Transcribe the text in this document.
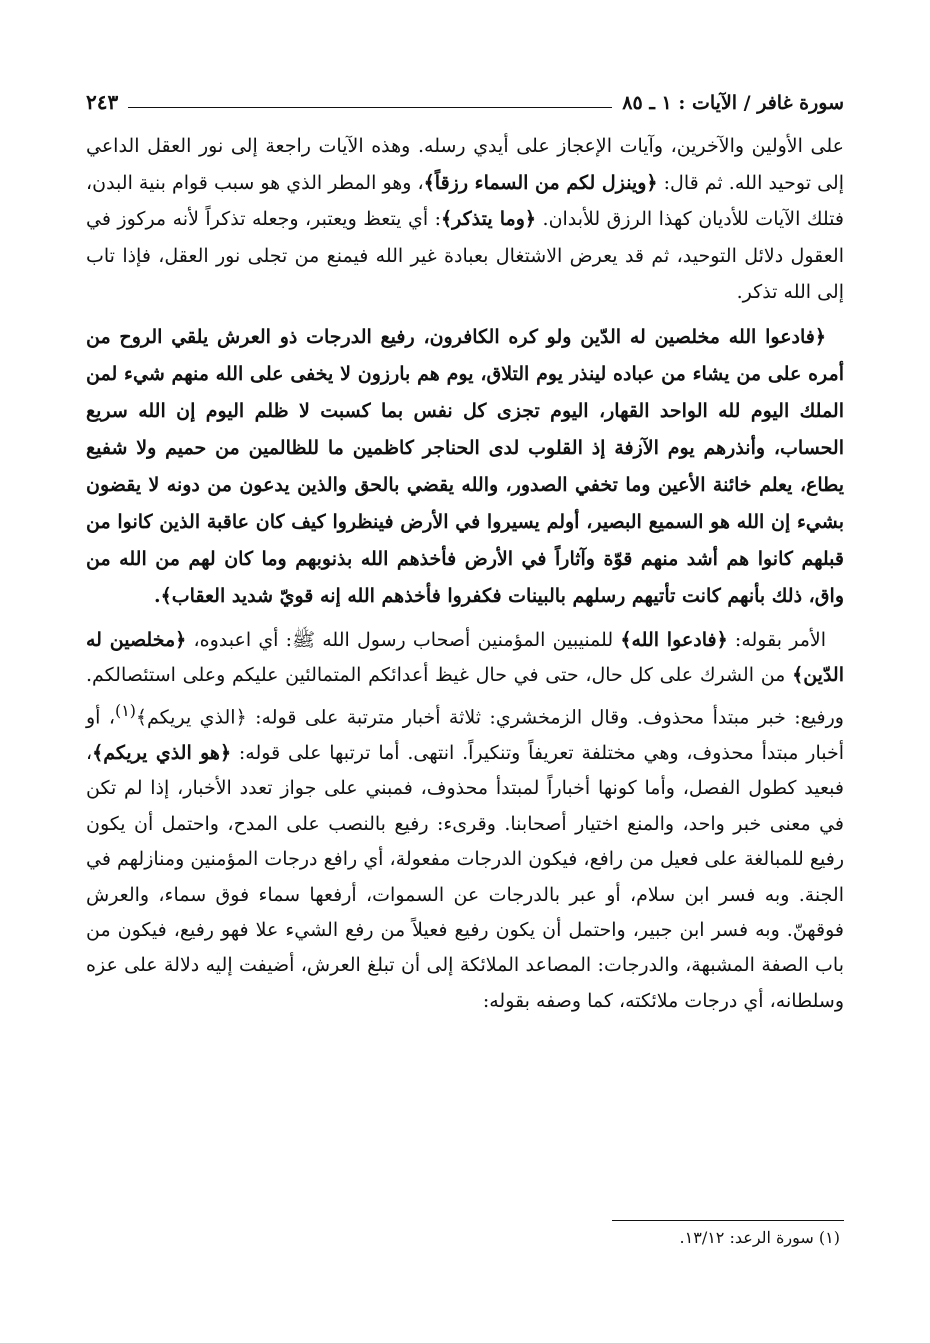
سورة غافر / الآيات : ١ ـ ٨٥
٢٤٣

على الأولين والآخرين، وآيات الإعجاز على أيدي رسله. وهذه الآيات راجعة إلى نور العقل الداعي إلى توحيد الله. ثم قال: ﴿وينزل لكم من السماء رزقاً﴾، وهو المطر الذي هو سبب قوام بنية البدن، فتلك الآيات للأديان كهذا الرزق للأبدان. ﴿وما يتذكر﴾: أي يتعظ ويعتبر، وجعله تذكراً لأنه مركوز في العقول دلائل التوحيد، ثم قد يعرض الاشتغال بعبادة غير الله فيمنع من تجلى نور العقل، فإذا تاب إلى الله تذكر.

﴿فادعوا الله مخلصين له الدّين ولو كره الكافرون، رفيع الدرجات ذو العرش يلقي الروح من أمره على من يشاء من عباده لينذر يوم التلاق، يوم هم بارزون لا يخفى على الله منهم شيء لمن الملك اليوم لله الواحد القهار، اليوم تجزى كل نفس بما كسبت لا ظلم اليوم إن الله سريع الحساب، وأنذرهم يوم الآزفة إذ القلوب لدى الحناجر كاظمين ما للظالمين من حميم ولا شفيع يطاع، يعلم خائنة الأعين وما تخفي الصدور، والله يقضي بالحق والذين يدعون من دونه لا يقضون بشيء إن الله هو السميع البصير، أولم يسيروا في الأرض فينظروا كيف كان عاقبة الذين كانوا من قبلهم كانوا هم أشد منهم قوّة وآثاراً في الأرض فأخذهم الله بذنوبهم وما كان لهم من الله من واق، ذلك بأنهم كانت تأتيهم رسلهم بالبينات فكفروا فأخذهم الله إنه قويّ شديد العقاب﴾.

الأمر بقوله: ﴿فادعوا الله﴾ للمنيبين المؤمنين أصحاب رسول الله ﷺ: أي اعبدوه، ﴿مخلصين له الدّين﴾ من الشرك على كل حال، حتى في حال غيظ أعدائكم المتمالئين عليكم وعلى استئصالكم. ورفيع: خبر مبتدأ محذوف. وقال الزمخشري: ثلاثة أخبار مترتبة على قوله: ﴿الذي يريكم﴾$^{(١)}$، أو أخبار مبتدأ محذوف، وهي مختلفة تعريفاً وتنكيراً. انتهى. أما ترتبها على قوله: ﴿هو الذي يريكم﴾، فبعيد كطول الفصل، وأما كونها أخباراً لمبتدأ محذوف، فمبني على جواز تعدد الأخبار، إذا لم تكن في معنى خبر واحد، والمنع اختيار أصحابنا. وقرىء: رفيع بالنصب على المدح، واحتمل أن يكون رفيع للمبالغة على فعيل من رافع، فيكون الدرجات مفعولة، أي رافع درجات المؤمنين ومنازلهم في الجنة. وبه فسر ابن سلام، أو عبر بالدرجات عن السموات، أرفعها سماء فوق سماء، والعرش فوقهنّ. وبه فسر ابن جبير، واحتمل أن يكون رفيع فعيلاً من رفع الشيء علا فهو رفيع، فيكون من باب الصفة المشبهة، والدرجات: المصاعد الملائكة إلى أن تبلغ العرش، أضيفت إليه دلالة على عزه وسلطانه، أي درجات ملائكته، كما وصفه بقوله:

(١) سورة الرعد: ١٣/١٢.
